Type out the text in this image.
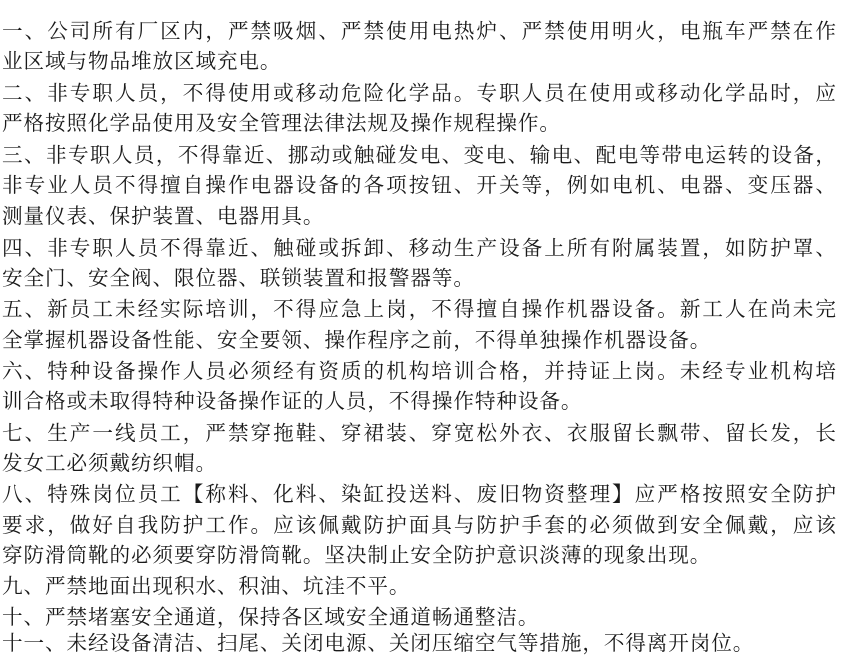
一、公司所有厂区内，严禁吸烟、严禁使用电热炉、严禁使用明火，电瓶车严禁在作
业区域与物品堆放区域充电。
二、非专职人员，不得使用或移动危险化学品。专职人员在使用或移动化学品时，应
严格按照化学品使用及安全管理法律法规及操作规程操作。
三、非专职人员，不得靠近、挪动或触碰发电、变电、输电、配电等带电运转的设备，
非专业人员不得擅自操作电器设备的各项按钮、开关等，例如电机、电器、变压器、
测量仪表、保护装置、电器用具。
四、非专职人员不得靠近、触碰或拆卸、移动生产设备上所有附属装置，如防护罩、
安全门、安全阀、限位器、联锁装置和报警器等。
五、新员工未经实际培训，不得应急上岗，不得擅自操作机器设备。新工人在尚未完
全掌握机器设备性能、安全要领、操作程序之前，不得单独操作机器设备。
六、特种设备操作人员必须经有资质的机构培训合格，并持证上岗。未经专业机构培
训合格或未取得特种设备操作证的人员，不得操作特种设备。
七、生产一线员工，严禁穿拖鞋、穿裙装、穿宽松外衣、衣服留长飘带、留长发，长
发女工必须戴纺织帽。
八、特殊岗位员工【称料、化料、染缸投送料、废旧物资整理】应严格按照安全防护
要求，做好自我防护工作。应该佩戴防护面具与防护手套的必须做到安全佩戴，应该
穿防滑筒靴的必须要穿防滑筒靴。坚决制止安全防护意识淡薄的现象出现。
九、严禁地面出现积水、积油、坑洼不平。
十、严禁堵塞安全通道，保持各区域安全通道畅通整洁。
十一、未经设备清洁、扫尾、关闭电源、关闭压缩空气等措施，不得离开岗位。
